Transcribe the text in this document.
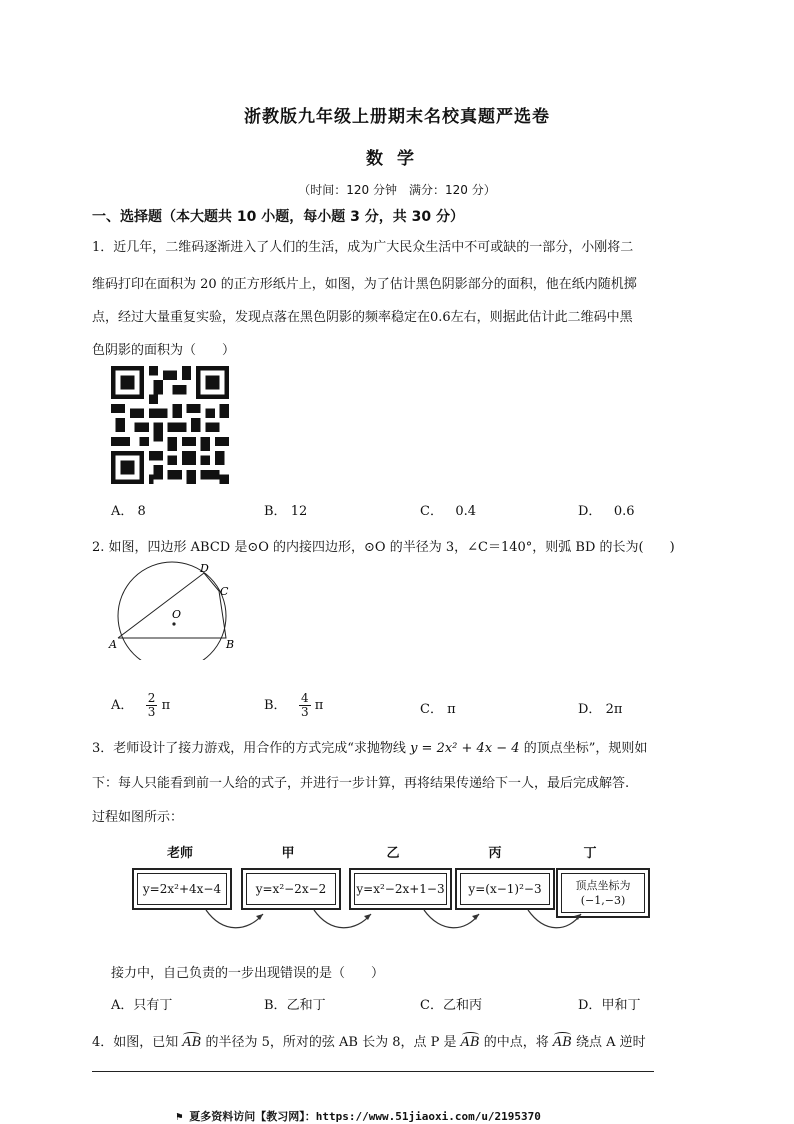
浙教版九年级上册期末名校真题严选卷
数学
（时间：120 分钟　满分：120 分）
一、选择题（本大题共 10 小题，每小题 3 分，共 30 分）
1．近几年，二维码逐渐进入了人们的生活，成为广大民众生活中不可或缺的一部分，小刚将二
维码打印在面积为 20 的正方形纸片上，如图，为了估计黑色阴影部分的面积，他在纸内随机掷
点，经过大量重复实验，发现点落在黑色阴影的频率稳定在0.6左右，则据此估计此二维码中黑
色阴影的面积为（　　）
A． 8	B． 12	C． 0.4	D． 0.6
2. 如图，四边形 ABCD 是⊙O 的内接四边形，⊙O 的半径为 3，∠C＝140°，则弧 BD 的长为(　　)
A	B
C
D
O
A． $\frac{2}{3}$ π	B． $\frac{4}{3}$ π	C． π	D． 2π
3．老师设计了接力游戏，用合作的方式完成“求抛物线 y = 2x² + 4x − 4 的顶点坐标”，规则如
下：每人只能看到前一人给的式子，并进行一步计算，再将结果传递给下一人，最后完成解答.
过程如图所示：
老师	甲	乙	丙	丁
y=2x²+4x−4	y=x²−2x−2	y=x²−2x+1−3	y=(x−1)²−3	顶点坐标为(−1,−3)
接力中，自己负责的一步出现错误的是（　　）
A．只有丁	B．乙和丁	C．乙和丙	D．甲和丁
4．如图，已知 AB 的半径为 5，所对的弦 AB 长为 8，点 P 是 AB 的中点，将 AB 绕点 A 逆时
⚑ 夏多资料访问【教习网】：https://www.51jiaoxi.com/u/2195370
